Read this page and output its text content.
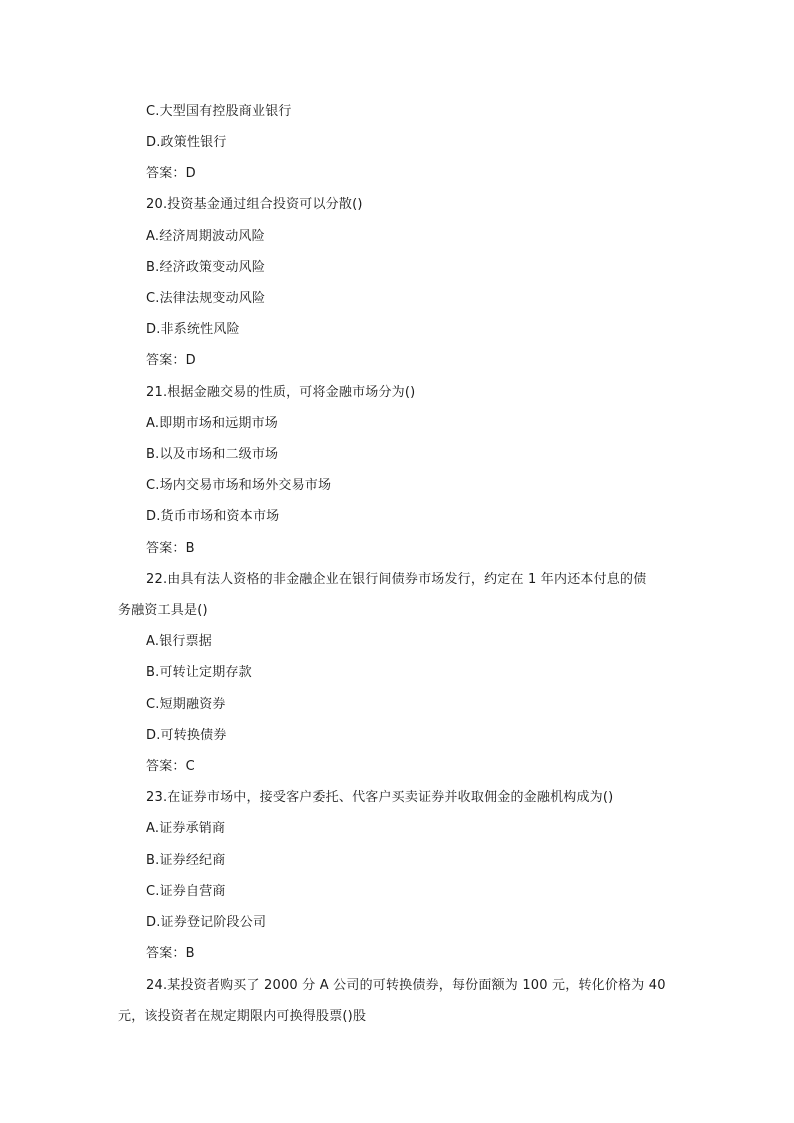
C.大型国有控股商业银行
D.政策性银行
答案：D
20.投资基金通过组合投资可以分散()
A.经济周期波动风险
B.经济政策变动风险
C.法律法规变动风险
D.非系统性风险
答案：D
21.根据金融交易的性质，可将金融市场分为()
A.即期市场和远期市场
B.以及市场和二级市场
C.场内交易市场和场外交易市场
D.货币市场和资本市场
答案：B
22.由具有法人资格的非金融企业在银行间债券市场发行，约定在 1 年内还本付息的债
务融资工具是()
A.银行票据
B.可转让定期存款
C.短期融资券
D.可转换债券
答案：C
23.在证券市场中，接受客户委托、代客户买卖证券并收取佣金的金融机构成为()
A.证券承销商
B.证券经纪商
C.证券自营商
D.证券登记阶段公司
答案：B
24.某投资者购买了 2000 分 A 公司的可转换债券，每份面额为 100 元，转化价格为 40
元，该投资者在规定期限内可换得股票()股
